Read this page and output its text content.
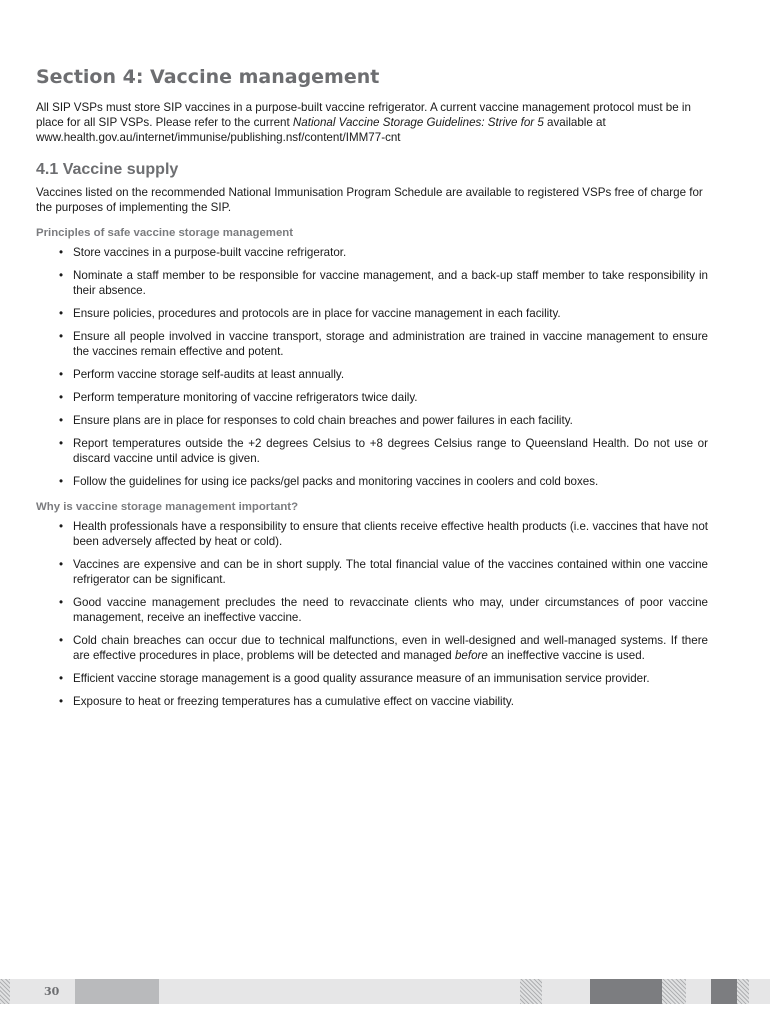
Section 4: Vaccine management

All SIP VSPs must store SIP vaccines in a purpose-built vaccine refrigerator. A current vaccine management protocol must be in place for all SIP VSPs. Please refer to the current National Vaccine Storage Guidelines: Strive for 5 available at www.health.gov.au/internet/immunise/publishing.nsf/content/IMM77-cnt

4.1 Vaccine supply

Vaccines listed on the recommended National Immunisation Program Schedule are available to registered VSPs free of charge for the purposes of implementing the SIP.

Principles of safe vaccine storage management
• Store vaccines in a purpose-built vaccine refrigerator.
• Nominate a staff member to be responsible for vaccine management, and a back-up staff member to take responsibility in their absence.
• Ensure policies, procedures and protocols are in place for vaccine management in each facility.
• Ensure all people involved in vaccine transport, storage and administration are trained in vaccine management to ensure the vaccines remain effective and potent.
• Perform vaccine storage self-audits at least annually.
• Perform temperature monitoring of vaccine refrigerators twice daily.
• Ensure plans are in place for responses to cold chain breaches and power failures in each facility.
• Report temperatures outside the +2 degrees Celsius to +8 degrees Celsius range to Queensland Health. Do not use or discard vaccine until advice is given.
• Follow the guidelines for using ice packs/gel packs and monitoring vaccines in coolers and cold boxes.
Why is vaccine storage management important?
• Health professionals have a responsibility to ensure that clients receive effective health products (i.e. vaccines that have not been adversely affected by heat or cold).
• Vaccines are expensive and can be in short supply. The total financial value of the vaccines contained within one vaccine refrigerator can be significant.
• Good vaccine management precludes the need to revaccinate clients who may, under circumstances of poor vaccine management, receive an ineffective vaccine.
• Cold chain breaches can occur due to technical malfunctions, even in well-designed and well-managed systems. If there are effective procedures in place, problems will be detected and managed before an ineffective vaccine is used.
• Efficient vaccine storage management is a good quality assurance measure of an immunisation service provider.
• Exposure to heat or freezing temperatures has a cumulative effect on vaccine viability.
30
